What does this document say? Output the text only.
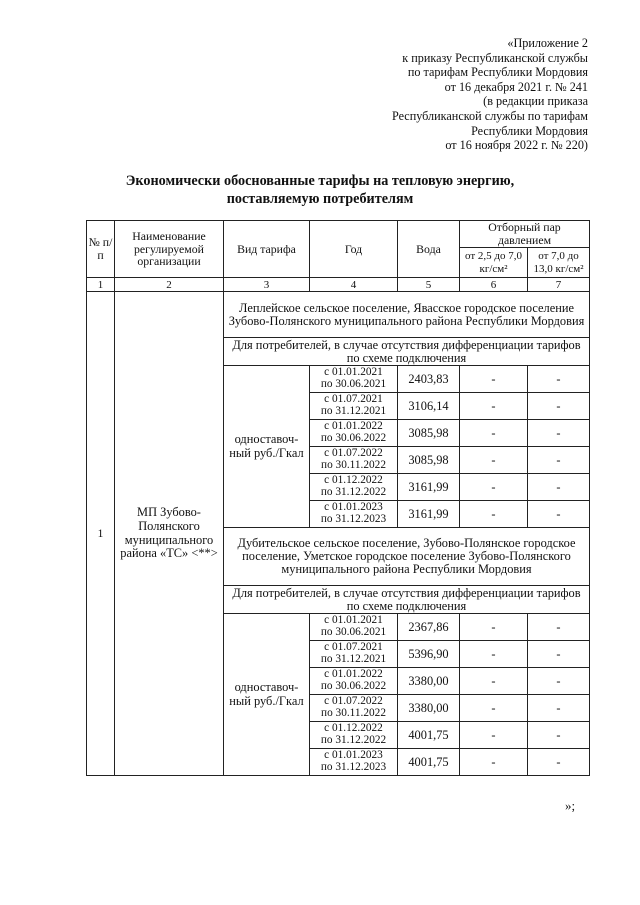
«Приложение 2
к приказу Республиканской службы
по тарифам Республики Мордовия
от 16 декабря 2021 г. № 241
(в редакции приказа
Республиканской службы по тарифам
Республики Мордовия
от 16 ноября 2022 г. № 220)
Экономически обоснованные тарифы на тепловую энергию,
поставляемую потребителям
№ п/п	Наименование регулируемой организации	Вид тарифа	Год	Вода	Отборный пар давлением	
					от 2,5 до 7,0 кг/см²	от 7,0 до 13,0 кг/см²
1	2	3	4	5	6	7
1	МП Зубово-Полянского муниципального района «ТС» <**>	Леплейское сельское поселение, Явасское городское поселение Зубово-Полянского муниципального района Республики Мордовия				
		Для потребителей, в случае отсутствия дифференциации тарифов по схеме подключения				
		одноставоч-ный руб./Гкал	с 01.01.2021
по 30.06.2021	2403,83	-	-
			с 01.07.2021
по 31.12.2021	3106,14	-	-
			с 01.01.2022
по 30.06.2022	3085,98	-	-
			с 01.07.2022
по 30.11.2022	3085,98	-	-
			с 01.12.2022
по 31.12.2022	3161,99	-	-
			с 01.01.2023
по 31.12.2023	3161,99	-	-
		Дубительское сельское поселение, Зубово-Полянское городское поселение, Уметское городское поселение Зубово-Полянского муниципального района Республики Мордовия				
		Для потребителей, в случае отсутствия дифференциации тарифов по схеме подключения				
		одноставоч-ный руб./Гкал	с 01.01.2021
по 30.06.2021	2367,86	-	-
			с 01.07.2021
по 31.12.2021	5396,90	-	-
			с 01.01.2022
по 30.06.2022	3380,00	-	-
			с 01.07.2022
по 30.11.2022	3380,00	-	-
			с 01.12.2022
по 31.12.2022	4001,75	-	-
			с 01.01.2023
по 31.12.2023	4001,75	-	-
»;
